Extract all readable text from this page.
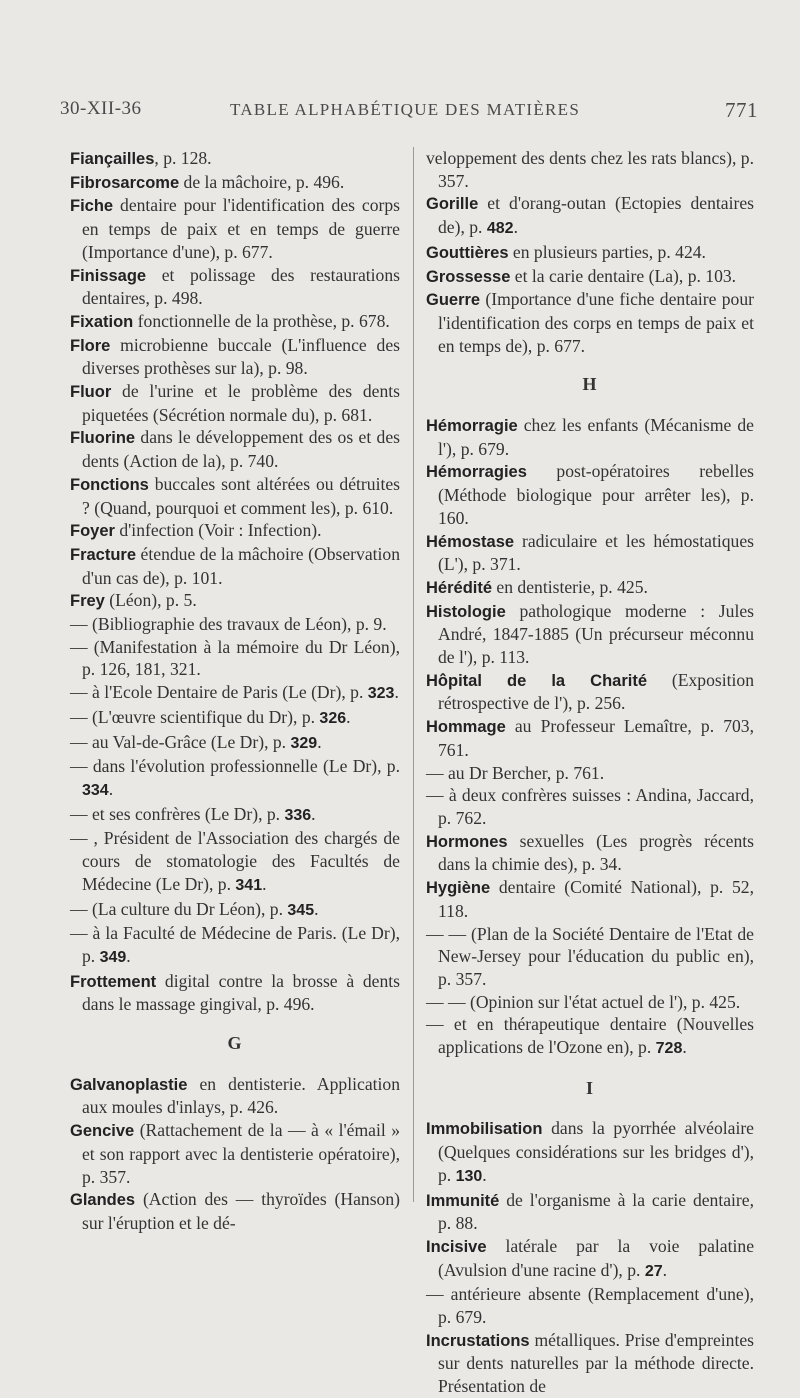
30-XII-36	TABLE ALPHABÉTIQUE DES MATIÈRES	771
Fiançailles, p. 128.
Fibrosarcome de la mâchoire, p. 496.
Fiche dentaire pour l'identification des corps en temps de paix et en temps de guerre (Importance d'une), p. 677.
Finissage et polissage des restaurations dentaires, p. 498.
Fixation fonctionnelle de la prothèse, p. 678.
Flore microbienne buccale (L'influence des diverses prothèses sur la), p. 98.
Fluor de l'urine et le problème des dents piquetées (Sécrétion normale du), p. 681.
Fluorine dans le développement des os et des dents (Action de la), p. 740.
Fonctions buccales sont altérées ou détruites ? (Quand, pourquoi et comment les), p. 610.
Foyer d'infection (Voir : Infection).
Fracture étendue de la mâchoire (Observation d'un cas de), p. 101.
Frey (Léon), p. 5.
— (Bibliographie des travaux de Léon), p. 9.
— (Manifestation à la mémoire du Dr Léon), p. 126, 181, 321.
— à l'Ecole Dentaire de Paris (Le (Dr), p. 323.
— (L'œuvre scientifique du Dr), p. 326.
— au Val-de-Grâce (Le Dr), p. 329.
— dans l'évolution professionnelle (Le Dr), p. 334.
— et ses confrères (Le Dr), p. 336.
— , Président de l'Association des chargés de cours de stomatologie des Facultés de Médecine (Le Dr), p. 341.
— (La culture du Dr Léon), p. 345.
— à la Faculté de Médecine de Paris. (Le Dr), p. 349.
Frottement digital contre la brosse à dents dans le massage gingival, p. 496.
G
Galvanoplastie en dentisterie. Application aux moules d'inlays, p. 426.
Gencive (Rattachement de la — à « l'émail » et son rapport avec la dentisterie opératoire), p. 357.
Glandes (Action des — thyroïdes (Hanson) sur l'éruption et le dé-
veloppement des dents chez les rats blancs), p. 357.
Gorille et d'orang-outan (Ectopies dentaires de), p. 482.
Gouttières en plusieurs parties, p. 424.
Grossesse et la carie dentaire (La), p. 103.
Guerre (Importance d'une fiche dentaire pour l'identification des corps en temps de paix et en temps de), p. 677.
H
Hémorragie chez les enfants (Mécanisme de l'), p. 679.
Hémorragies post-opératoires rebelles (Méthode biologique pour arrêter les), p. 160.
Hémostase radiculaire et les hémostatiques (L'), p. 371.
Hérédité en dentisterie, p. 425.
Histologie pathologique moderne : Jules André, 1847-1885 (Un précurseur méconnu de l'), p. 113.
Hôpital de la Charité (Exposition rétrospective de l'), p. 256.
Hommage au Professeur Lemaître, p. 703, 761.
— au Dr Bercher, p. 761.
— à deux confrères suisses : Andina, Jaccard, p. 762.
Hormones sexuelles (Les progrès récents dans la chimie des), p. 34.
Hygiène dentaire (Comité National), p. 52, 118.
— — (Plan de la Société Dentaire de l'Etat de New-Jersey pour l'éducation du public en), p. 357.
— — (Opinion sur l'état actuel de l'), p. 425.
— et en thérapeutique dentaire (Nouvelles applications de l'Ozone en), p. 728.
I
Immobilisation dans la pyorrhée alvéolaire (Quelques considérations sur les bridges d'), p. 130.
Immunité de l'organisme à la carie dentaire, p. 88.
Incisive latérale par la voie palatine (Avulsion d'une racine d'), p. 27.
— antérieure absente (Remplacement d'une), p. 679.
Incrustations métalliques. Prise d'empreintes sur dents naturelles par la méthode directe. Présentation de
